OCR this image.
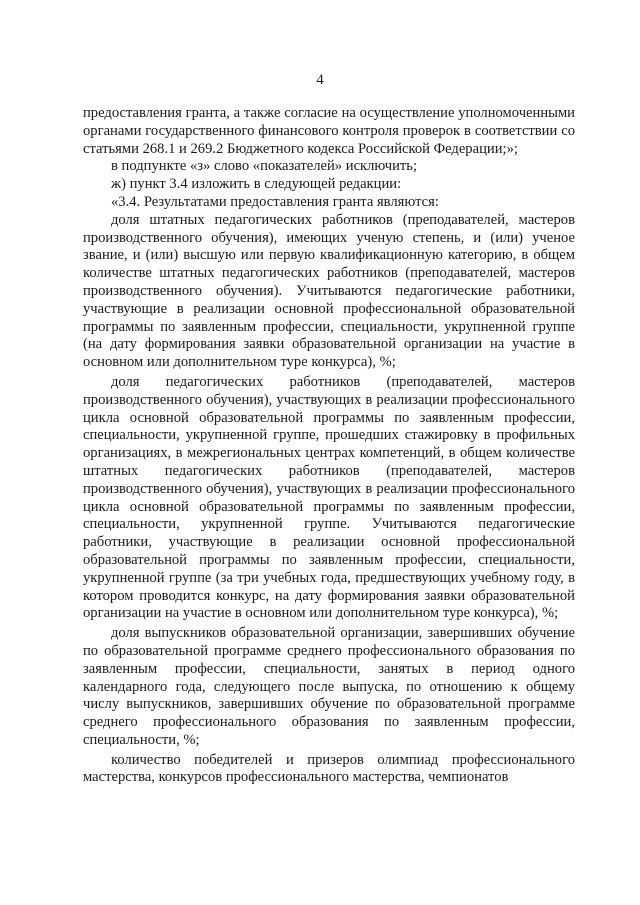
4

предоставления гранта, а также согласие на осуществление уполномоченными органами государственного финансового контроля проверок в соответствии со статьями 268.1 и 269.2 Бюджетного кодекса Российской Федерации;»;

в подпункте «з» слово «показателей» исключить;

ж) пункт 3.4 изложить в следующей редакции:

«3.4. Результатами предоставления гранта являются:

доля штатных педагогических работников (преподавателей, мастеров производственного обучения), имеющих ученую степень, и (или) ученое звание, и (или) высшую или первую квалификационную категорию, в общем количестве штатных педагогических работников (преподавателей, мастеров производственного обучения). Учитываются педагогические работники, участвующие в реализации основной профессиональной образовательной программы по заявленным профессии, специальности, укрупненной группе (на дату формирования заявки образовательной организации на участие в основном или дополнительном туре конкурса), %;

доля педагогических работников (преподавателей, мастеров производственного обучения), участвующих в реализации профессионального цикла основной образовательной программы по заявленным профессии, специальности, укрупненной группе, прошедших стажировку в профильных организациях, в межрегиональных центрах компетенций, в общем количестве штатных педагогических работников (преподавателей, мастеров производственного обучения), участвующих в реализации профессионального цикла основной образовательной программы по заявленным профессии, специальности, укрупненной группе. Учитываются педагогические работники, участвующие в реализации основной профессиональной образовательной программы по заявленным профессии, специальности, укрупненной группе (за три учебных года, предшествующих учебному году, в котором проводится конкурс, на дату формирования заявки образовательной организации на участие в основном или дополнительном туре конкурса), %;

доля выпускников образовательной организации, завершивших обучение по образовательной программе среднего профессионального образования по заявленным профессии, специальности, занятых в период одного календарного года, следующего после выпуска, по отношению к общему числу выпускников, завершивших обучение по образовательной программе среднего профессионального образования по заявленным профессии, специальности, %;

количество победителей и призеров олимпиад профессионального мастерства, конкурсов профессионального мастерства, чемпионатов
